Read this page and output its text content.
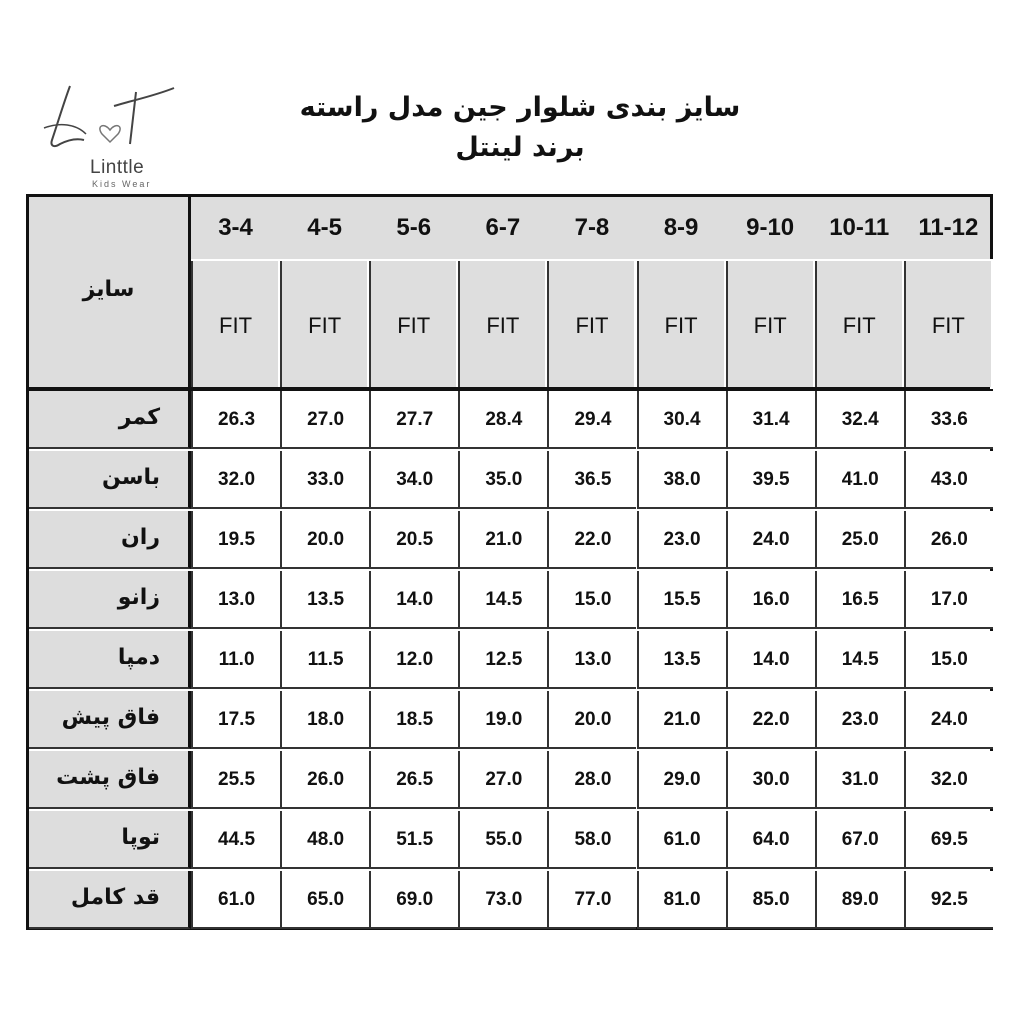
Linttle
Kids Wear
سایز بندی شلوار جین مدل راسته
برند لینتل
سایز
FIT	FIT	FIT	FIT	FIT	FIT	FIT	FIT	FIT
3-4	4-5	5-6	6-7	7-8	8-9	9-10	10-11	11-12
کمر	26.3	27.0	27.7	28.4	29.4	30.4	31.4	32.4	33.6
باسن	32.0	33.0	34.0	35.0	36.5	38.0	39.5	41.0	43.0
ران	19.5	20.0	20.5	21.0	22.0	23.0	24.0	25.0	26.0
زانو	13.0	13.5	14.0	14.5	15.0	15.5	16.0	16.5	17.0
دمپا	11.0	11.5	12.0	12.5	13.0	13.5	14.0	14.5	15.0
فاق پیش	17.5	18.0	18.5	19.0	20.0	21.0	22.0	23.0	24.0
فاق پشت	25.5	26.0	26.5	27.0	28.0	29.0	30.0	31.0	32.0
توپا	44.5	48.0	51.5	55.0	58.0	61.0	64.0	67.0	69.5
قد کامل	61.0	65.0	69.0	73.0	77.0	81.0	85.0	89.0	92.5
